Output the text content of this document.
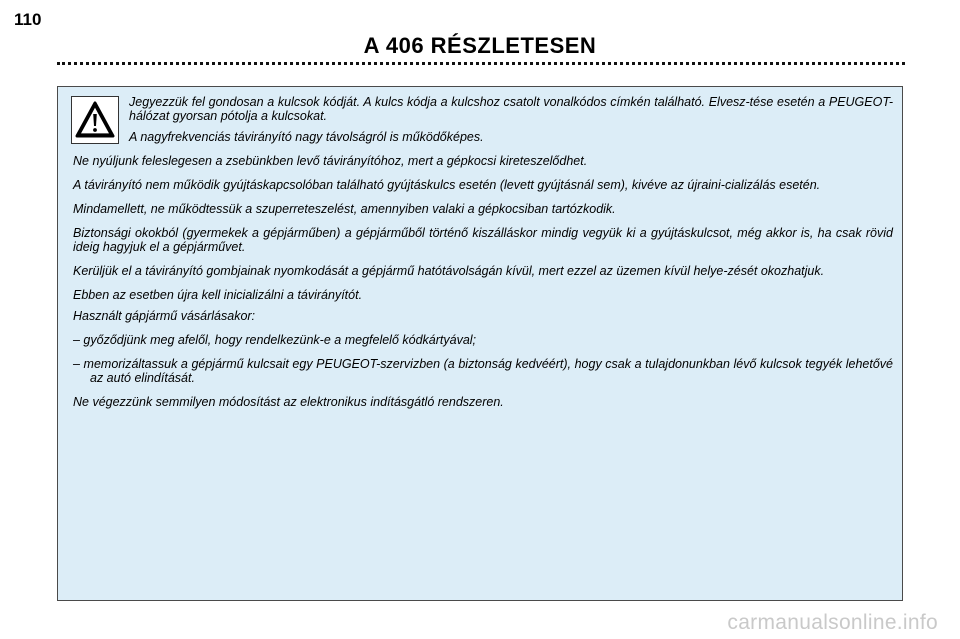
110
A 406 RÉSZLETESEN

Jegyezzük fel gondosan a kulcsok kódját. A kulcs kódja a kulcshoz csatolt vonalkódos címkén található. Elvesz-tése esetén a PEUGEOT-hálózat gyorsan pótolja a kulcsokat.

A nagyfrekvenciás távirányító nagy távolságról is működőképes.

Ne nyúljunk feleslegesen a zsebünkben levő távirányítóhoz, mert a gépkocsi kireteszelődhet.

A távirányító nem működik gyújtáskapcsolóban található gyújtáskulcs esetén (levett gyújtásnál sem), kivéve az újraini-cializálás esetén.

Mindamellett, ne működtessük a szuperreteszelést, amennyiben valaki a gépkocsiban tartózkodik.

Biztonsági okokból (gyermekek a gépjárműben) a gépjárműből történő kiszálláskor mindig vegyük ki a gyújtáskulcsot, még akkor is, ha csak rövid ideig hagyjuk el a gépjárművet.

Kerüljük el a távirányító gombjainak nyomkodását a gépjármű hatótávolságán kívül, mert ezzel az üzemen kívül helye-zését okozhatjuk.

Ebben az esetben újra kell inicializálni a távirányítót.

Használt gápjármű vásárlásakor:

– győződjünk meg afelől, hogy rendelkezünk-e a megfelelő kódkártyával;

– memorizáltassuk a gépjármű kulcsait egy PEUGEOT-szervizben (a biztonság kedvéért), hogy csak a tulajdonunkban lévő kulcsok tegyék lehetővé az autó elindítását.

Ne végezzünk semmilyen módosítást az elektronikus indításgátló rendszeren.

carmanualsonline.info
